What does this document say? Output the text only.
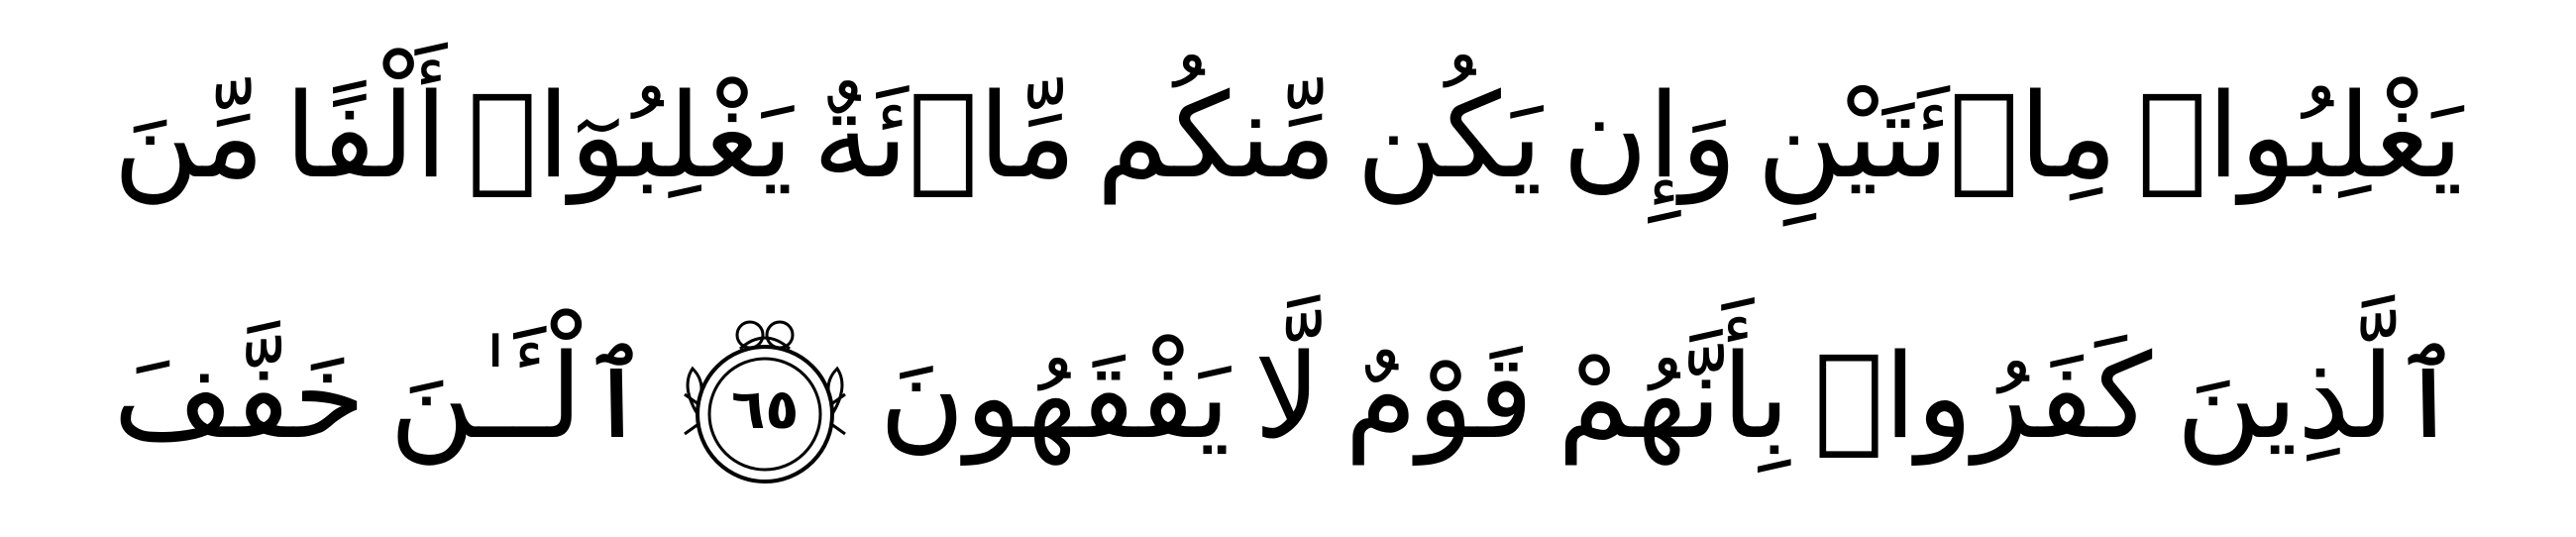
يَغْلِبُوا۟
مِا۟ئَتَيْنِ
وَإِن
يَكُن
مِّنكُم
مِّا۟ئَةٌ
يَغْلِبُوٓا۟
أَلْفًا
مِّنَ
ٱلَّذِينَ
كَفَرُوا۟
بِأَنَّهُمْ
قَوْمٌ
لَّا
يَفْقَهُونَ
٦٥
ٱلْـَٔـٰنَ
خَفَّفَ
